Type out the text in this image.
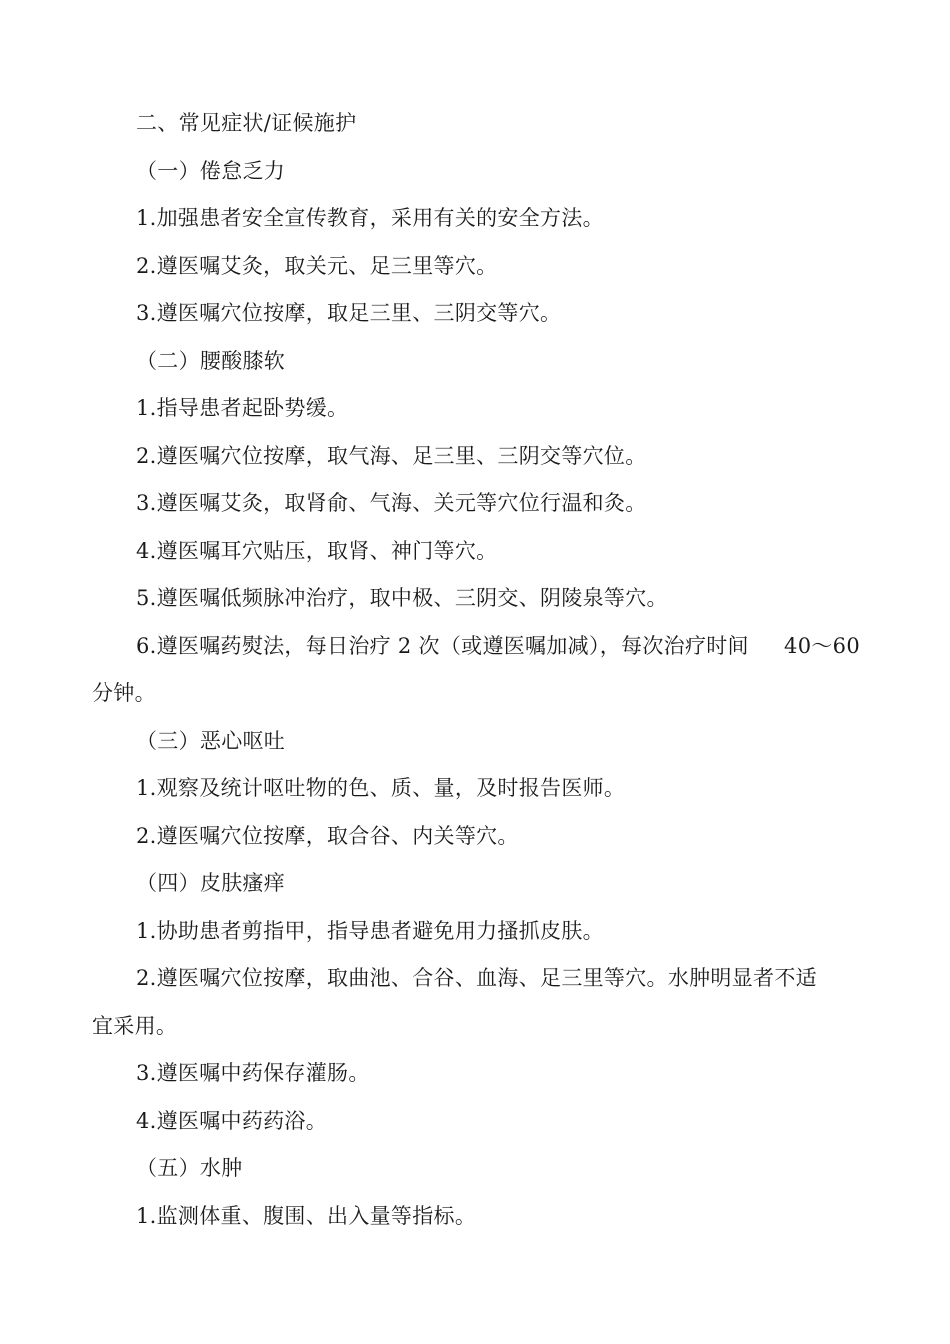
二、常见症状/证候施护
（一）倦怠乏力
1.加强患者安全宣传教育，采用有关的安全方法。
2.遵医嘱艾灸，取关元、足三里等穴。
3.遵医嘱穴位按摩，取足三里、三阴交等穴。
（二）腰酸膝软
1.指导患者起卧势缓。
2.遵医嘱穴位按摩，取气海、足三里、三阴交等穴位。
3.遵医嘱艾灸，取肾俞、气海、关元等穴位行温和灸。
4.遵医嘱耳穴贴压，取肾、神门等穴。
5.遵医嘱低频脉冲治疗，取中极、三阴交、阴陵泉等穴。
6.遵医嘱药熨法，每日治疗 2 次（或遵医嘱加减），每次治疗时间 40～60
分钟。
（三）恶心呕吐
1.观察及统计呕吐物的色、质、量，及时报告医师。
2.遵医嘱穴位按摩，取合谷、内关等穴。
（四）皮肤瘙痒
1.协助患者剪指甲，指导患者避免用力搔抓皮肤。
2.遵医嘱穴位按摩，取曲池、合谷、血海、足三里等穴。水肿明显者不适
宜采用。
3.遵医嘱中药保存灌肠。
4.遵医嘱中药药浴。
（五）水肿
1.监测体重、腹围、出入量等指标。
